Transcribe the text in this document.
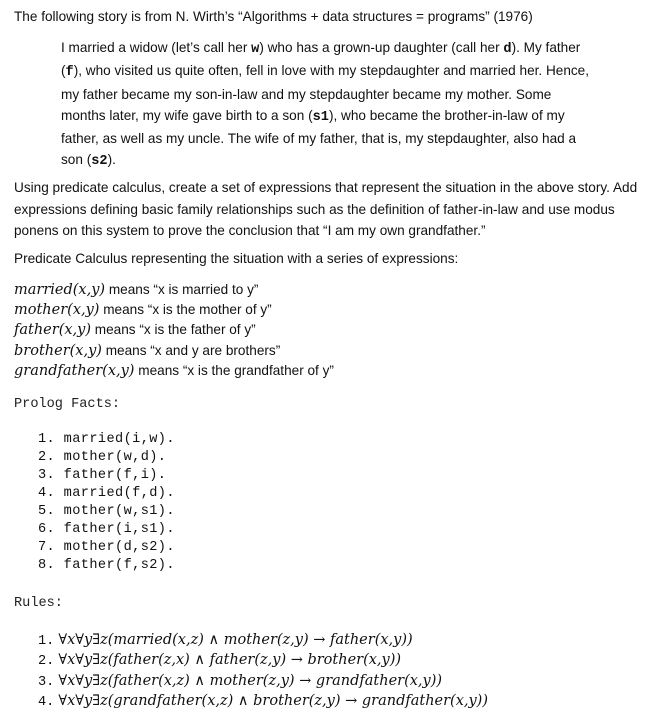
The following story is from N. Wirth’s “Algorithms + data structures = programs” (1976)
I married a widow (let’s call her w) who has a grown-up daughter (call her d). My father (f), who visited us quite often, fell in love with my stepdaughter and married her. Hence, my father became my son-in-law and my stepdaughter became my mother. Some months later, my wife gave birth to a son (s1), who became the brother-in-law of my father, as well as my uncle. The wife of my father, that is, my stepdaughter, also had a son (s2).
Using predicate calculus, create a set of expressions that represent the situation in the above story. Add expressions defining basic family relationships such as the definition of father-in-law and use modus ponens on this system to prove the conclusion that “I am my own grandfather.”
Predicate Calculus representing the situation with a series of expressions:
married(x,y) means “x is married to y”
mother(x,y) means “x is the mother of y”
father(x,y) means “x is the father of y”
brother(x,y) means “x and y are brothers”
grandfather(x,y) means “x is the grandfather of y”
Prolog Facts:
1. married(i,w).
2. mother(w,d).
3. father(f,i).
4. married(f,d).
5. mother(w,s1).
6. father(i,s1).
7. mother(d,s2).
8. father(f,s2).
Rules:
1. ∀x∀y∃z(married(x,z) ∧ mother(z,y) → father(x,y))
2. ∀x∀y∃z(father(z,x) ∧ father(z,y) → brother(x,y))
3. ∀x∀y∃z(father(x,z) ∧ mother(z,y) → grandfather(x,y))
4. ∀x∀y∃z(grandfather(x,z) ∧ brother(z,y) → grandfather(x,y))
